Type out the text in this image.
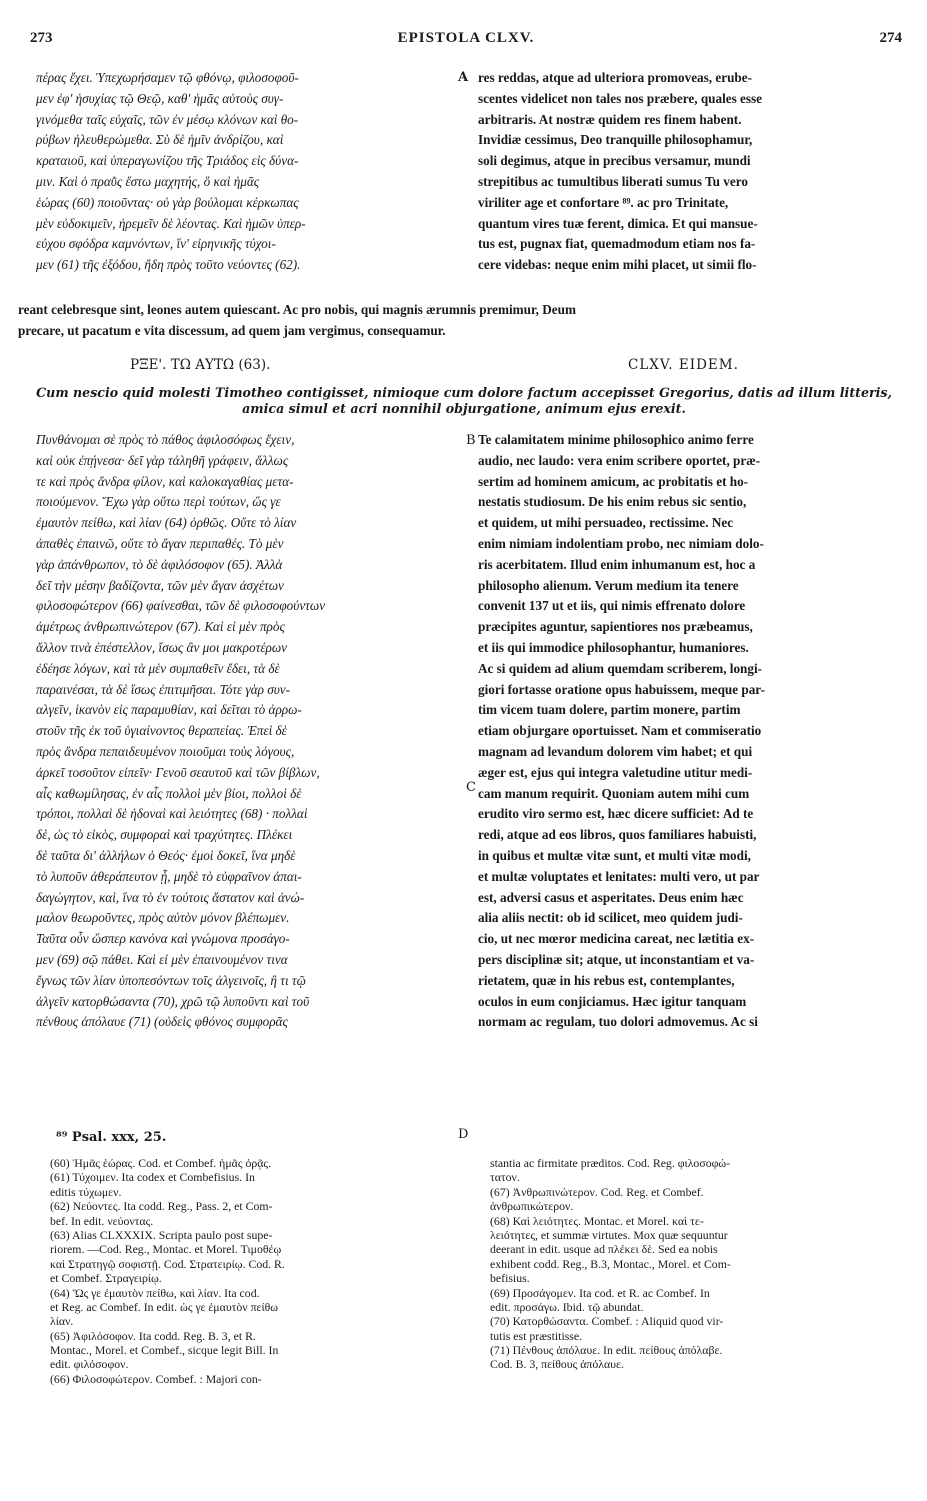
273	EPISTOLA CLXV.	274
πέρας ἔχει. Ὑπεχωρήσαμεν τῷ φθόνῳ, φιλοσοφοῦ-
μεν ἐφ' ἡσυχίας τῷ Θεῷ, καθ' ἡμᾶς αὐτοὺς συγ-
γινόμεθα ταῖς εὐχαῖς, τῶν ἐν μέσῳ κλόνων καὶ θο-
ρύβων ἠλευθερώμεθα. Σὺ δὲ ἡμῖν ἀνδρίζου, καὶ
κραταιοῦ, καὶ ὑπεραγωνίζου τῆς Τριάδος εἰς δύνα-
μιν. Καὶ ὁ πραῢς ἔστω μαχητής, ὃ καὶ ἡμᾶς
ἑώρας (60) ποιοῦντας· οὐ γὰρ βούλομαι κέρκωπας
μὲν εὐδοκιμεῖν, ἠρεμεῖν δὲ λέοντας. Καὶ ἡμῶν ὑπερ-
εὐχου σφόδρα καμνόντων, ἵν' εἰρηνικῆς τύχοι-
μεν (61) τῆς ἐξόδου, ἤδη πρὸς τοῦτο νεύοντες (62).
res reddas, atque ad ulteriora promoveas, erube-
scentes videlicet non tales nos præbere, quales esse
arbitraris. At nostræ quidem res finem habent.
Invidiæ cessimus, Deo tranquille philosophamur,
soli degimus, atque in precibus versamur, mundi
strepitibus ac tumultibus liberati sumus Tu vero
viriliter age et confortare ⁸⁹. ac pro Trinitate,
quantum vires tuæ ferent, dimica. Et qui mansue-
tus est, pugnax fiat, quemadmodum etiam nos fa-
cere videbas: neque enim mihi placet, ut simii flo-
A
reant celebresque sint, leones autem quiescant. Ac pro nobis, qui magnis ærumnis premimur, Deum
precare, ut pacatum e vita discessum, ad quem jam vergimus, consequamur.
ΡΞΕ'. ΤΩ ΑΥΤΩ (63).	CLXV. EIDEM.
Cum nescio quid molesti Timotheo contigisset, nimioque cum dolore factum accepisset Gregorius, datis ad illum litteris, amica simul et acri nonnihil objurgatione, animum ejus erexit.
Πυνθάνομαι σὲ πρὸς τὸ πάθος ἀφιλοσόφως ἔχειν,
καὶ οὐκ ἐπῄνεσα· δεῖ γὰρ τἀληθῆ γράφειν, ἄλλως
τε καὶ πρὸς ἄνδρα φίλον, καὶ καλοκαγαθίας μετα-
ποιούμενον. Ἔχω γὰρ οὕτω περὶ τούτων, ὥς γε
ἐμαυτὸν πείθω, καὶ λίαν (64) ὀρθῶς. Οὔτε τὸ λίαν
ἀπαθὲς ἐπαινῶ, οὔτε τὸ ἄγαν περιπαθές. Τὸ μὲν
γὰρ ἀπάνθρωπον, τὸ δὲ ἀφιλόσοφον (65). Ἀλλὰ
δεῖ τὴν μέσην βαδίζοντα, τῶν μὲν ἄγαν ἀσχέτων
φιλοσοφώτερον (66) φαίνεσθαι, τῶν δὲ φιλοσοφούντων
ἀμέτρως ἀνθρωπινώτερον (67). Καὶ εἰ μὲν πρὸς
ἄλλον τινὰ ἐπέστελλον, ἴσως ἂν μοι μακροτέρων
ἐδέησε λόγων, καὶ τὰ μὲν συμπαθεῖν ἔδει, τὰ δὲ
παραινέσαι, τὰ δὲ ἴσως ἐπιτιμῆσαι. Τότε γὰρ συν-
αλγεῖν, ἱκανὸν εἰς παραμυθίαν, καὶ δεῖται τὸ ἀρρω-
στοῦν τῆς ἐκ τοῦ ὑγιαίνοντος θεραπείας. Ἐπεὶ δὲ
πρὸς ἄνδρα πεπαιδευμένον ποιοῦμαι τοὺς λόγους,
ἀρκεῖ τοσοῦτον εἰπεῖν· Γενοῦ σεαυτοῦ καὶ τῶν βίβλων,
αἷς καθωμίλησας, ἐν αἷς πολλοὶ μὲν βίοι, πολλοὶ δὲ
τρόποι, πολλαὶ δὲ ἡδοναὶ καὶ λειότητες (68) · πολλαὶ
δὲ, ὡς τὸ εἰκὸς, συμφοραὶ καὶ τραχύτητες. Πλέκει
δὲ ταῦτα δι' ἀλλήλων ὁ Θεός· ἐμοὶ δοκεῖ, ἵνα μηδὲ
τὸ λυποῦν ἀθεράπευτον ᾖ, μηδὲ τὸ εὐφραῖνον ἀπαι-
δαγώγητον, καὶ, ἵνα τὸ ἐν τούτοις ἄστατον καὶ ἀνώ-
μαλον θεωροῦντες, πρὸς αὐτὸν μόνον βλέπωμεν.
Ταῦτα οὖν ὥσπερ κανόνα καὶ γνώμονα προσάγο-
μεν (69) σῷ πάθει. Καὶ εἰ μὲν ἐπαινουμένον τινα
ἔγνως τῶν λίαν ὑποπεσόντων τοῖς ἀλγεινοῖς, ἢ τι τῷ
ἀλγεῖν κατορθώσαντα (70), χρῶ τῷ λυποῦντι καὶ τοῦ
πένθους ἀπόλαυε (71) (οὐδεὶς φθόνος συμφορᾶς
B
C
Te calamitatem minime philosophico animo ferre
audio, nec laudo: vera enim scribere oportet, præ-
sertim ad hominem amicum, ac probitatis et ho-
nestatis studiosum. De his enim rebus sic sentio,
et quidem, ut mihi persuadeo, rectissime. Nec
enim nimiam indolentiam probo, nec nimiam dolo-
ris acerbitatem. Illud enim inhumanum est, hoc a
philosopho alienum. Verum medium ita tenere
convenit 137 ut et iis, qui nimis effrenato dolore
præcipites aguntur, sapientiores nos præbeamus,
et iis qui immodice philosophantur, humaniores.
Ac si quidem ad alium quemdam scriberem, longi-
giori fortasse oratione opus habuissem, meque par-
tim vicem tuam dolere, partim monere, partim
etiam objurgare oportuisset. Nam et commiseratio
magnam ad levandum dolorem vim habet; et qui
æger est, ejus qui integra valetudine utitur medi-
cam manum requirit. Quoniam autem mihi cum
erudito viro sermo est, hæc dicere sufficiet: Ad te
redi, atque ad eos libros, quos familiares habuisti,
in quibus et multæ vitæ sunt, et multi vitæ modi,
et multæ voluptates et lenitates: multi vero, ut par
est, adversi casus et asperitates. Deus enim hæc
alia aliis nectit: ob id scilicet, meo quidem judi-
cio, ut nec mœror medicina careat, nec lætitia ex-
pers disciplinæ sit; atque, ut inconstantiam et va-
rietatem, quæ in his rebus est, contemplantes,
oculos in eum conjiciamus. Hæc igitur tanquam
normam ac regulam, tuo dolori admovemus. Ac si
⁸⁹ Psal. xxx, 25.	D
(60) Ἡμᾶς ἑώρας. Cod. et Combef. ἡμᾶς ὁρᾷς.
(61) Τύχοιμεν. Ita codex et Combefisius. In
editis τύχωμεν.
(62) Νεύοντες. Ita codd. Reg., Pass. 2, et Com-
bef. In edit. νεύοντας.
(63) Alias CLXXXIX. Scripta paulo post supe-
riorem. —Cod. Reg., Montac. et Morel. Τιμοθέῳ
καὶ Στρατηγῷ σοφιστῇ. Cod. Στρατειρίῳ. Cod. R.
et Combef. Στραγειρίῳ.
(64) Ὥς γε ἐμαυτὸν πείθω, καὶ λίαν. Ita cod.
et Reg. ac Combef. In edit. ὡς γε ἐμαυτὸν πείθω
λίαν.
(65) Ἀφιλόσοφον. Ita codd. Reg. B. 3, et R.
Montac., Morel. et Combef., sicque legit Bill. In
edit. φιλόσοφον.
(66) Φιλοσοφώτερον. Combef. : Majori con-
stantia ac firmitate præditos. Cod. Reg. φιλοσοφώ-
τατον.
(67) Ἀνθρωπινώτερον. Cod. Reg. et Combef.
ἀνθρωπικώτερον.
(68) Καὶ λειότητες. Montac. et Morel. καὶ τε-
λειότητες, et summæ virtutes. Mox quæ sequuntur
deerant in edit. usque ad πλέκει δὲ. Sed ea nobis
exhibent codd. Reg., B.3, Montac., Morel. et Com-
befisius.
(69) Προσάγομεν. Ita cod. et R. ac Combef. In
edit. προσάγω. Ibid. τῷ abundat.
(70) Κατορθώσαντα. Combef. : Aliquid quod vir-
tutis est præstitisse.
(71) Πένθους ἀπόλαυε. In edit. πείθους ἀπόλαβε.
Cod. B. 3, πείθους ἀπόλαυε.
